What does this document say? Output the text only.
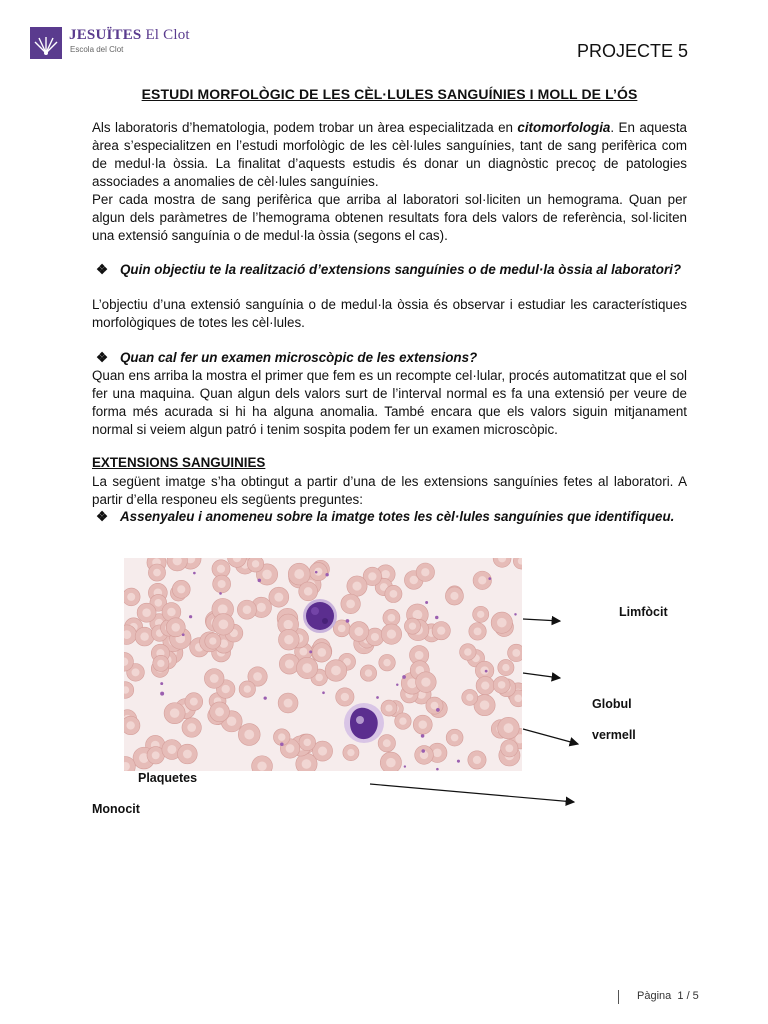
JESUÏTES El Clot
Escola del Clot	PROJECTE 5
ESTUDI MORFOLÒGIC DE LES CÈL·LULES SANGUÍNIES I MOLL DE L’ÓS
Als laboratoris d’hematologia, podem trobar un àrea especialitzada en citomorfologia. En aquesta àrea s’especialitzen en l’estudi morfològic de les cèl·lules sanguínies, tant de sang perifèrica com de medul·la òssia. La finalitat d’aquests estudis és donar un diagnòstic precoç de patologies associades a anomalies de cèl·lules sanguínies.
Per cada mostra de sang perifèrica que arriba al laboratori sol·liciten un hemograma. Quan per algun dels paràmetres de l’hemograma obtenen resultats fora dels valors de referència, sol·liciten una extensió sanguínia o de medul·la òssia (segons el cas).
❖ Quin objectiu te la realització d’extensions sanguínies o de medul·la òssia al laboratori?
L’objectiu d’una extensió sanguínia o de medul·la òssia és observar i estudiar les característiques morfològiques de totes les cèl·lules.
❖ Quan cal fer un examen microscòpic de les extensions?
Quan ens arriba la mostra el primer que fem es un recompte cel·lular, procés automatitzat que el sol fer una maquina. Quan algun dels valors surt de l’interval normal es fa una extensió per veure de forma més acurada si hi ha alguna anomalia. També encara que els valors siguin mitjanament normal si veiem algun patró i tenim sospita podem fer un examen microscòpic.
EXTENSIONS SANGUINIES
La següent imatge s’ha obtingut a partir d’una de les extensions sanguínies fetes al laboratori. A partir d’ella responeu els següents preguntes:
❖ Assenyaleu i anomeneu sobre la imatge totes les cèl·lules sanguínies que identifiqueu.
Limfòcit
Globul
vermell
Plaquetes
Monocit
Pàgina 1 / 5
